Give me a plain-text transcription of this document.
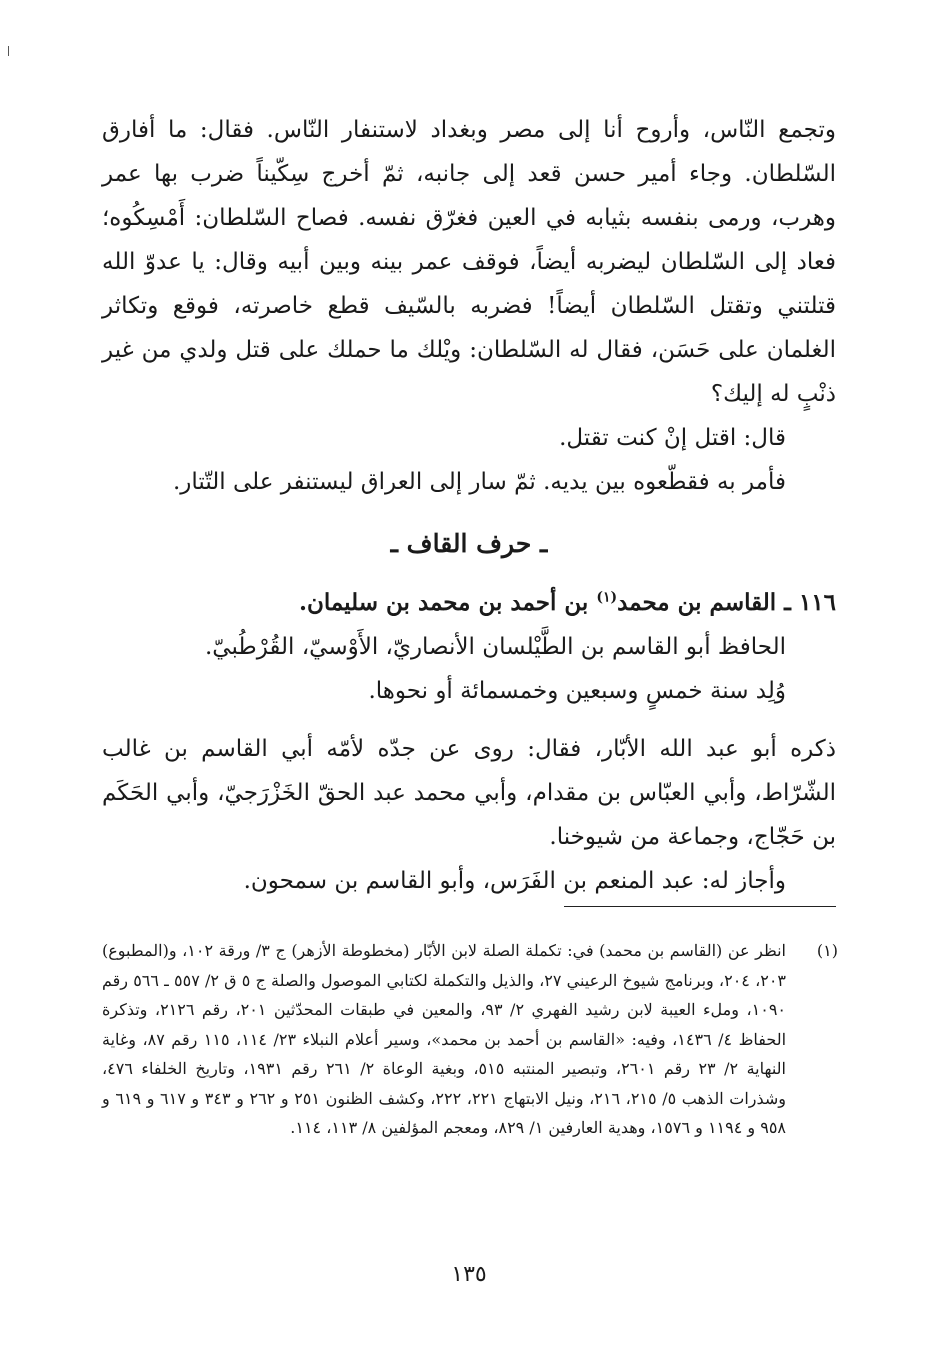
وتجمع النّاس، وأروح أنا إلى مصر وبغداد لاستنفار النّاس. فقال: ما أفارق السّلطان. وجاء أمير حسن قعد إلى جانبه، ثمّ أخرج سِكّيناً ضرب بها عمر وهرب، ورمى بنفسه بثيابه في العين فغرّق نفسه. فصاح السّلطان: أَمْسِكُوه؛ فعاد إلى السّلطان ليضربه أيضاً، فوقف عمر بينه وبين أبيه وقال: يا عدوّ الله قتلتني وتقتل السّلطان أيضاً! فضربه بالسّيف قطع خاصرته، فوقع وتكاثر الغلمان على حَسَن، فقال له السّلطان: ويْلك ما حملك على قتل ولدي من غير ذنْبٍ له إليك؟

قال: اقتل إنْ كنت تقتل.

فأمر به فقطّعوه بين يديه. ثمّ سار إلى العراق ليستنفر على التّتار.

ـ حرف القاف ـ

١١٦ ـ القاسم بن محمد$^{(١)}$ بن أحمد بن محمد بن سليمان.

الحافظ أبو القاسم بن الطَّيْلسان الأنصاريّ، الأَوْسيّ، القُرْطُبيّ.

وُلِد سنة خمسٍ وسبعين وخمسمائة أو نحوها.

ذكره أبو عبد الله الأبّار، فقال: روى عن جدّه لأمّه أبي القاسم بن غالب الشّرّاط، وأبي العبّاس بن مقدام، وأبي محمد عبد الحقّ الخَزْرَجيّ، وأبي الحَكَم بن حَجّاج، وجماعة من شيوخنا.

وأجاز له: عبد المنعم بن الفَرَس، وأبو القاسم بن سمحون.

(١)

انظر عن (القاسم بن محمد) في: تكملة الصلة لابن الأبّار (مخطوطة الأزهر) ج ٣/ ورقة ١٠٢، و(المطبوع) ٢٠٣، ٢٠٤، وبرنامج شيوخ الرعيني ٢٧، والذيل والتكملة لكتابي الموصول والصلة ج ٥ ق ٢/ ٥٥٧ ـ ٥٦٦ رقم ١٠٩٠، وملء العيبة لابن رشيد الفهري ٢/ ٩٣، والمعين في طبقات المحدّثين ٢٠١، رقم ٢١٢٦، وتذكرة الحفاظ ٤/ ١٤٣٦، وفيه: «القاسم بن أحمد بن محمد»، وسير أعلام النبلاء ٢٣/ ١١٤، ١١٥ رقم ٨٧، وغاية النهاية ٢/ ٢٣ رقم ٢٦٠١، وتبصير المنتبه ٥١٥، وبغية الوعاة ٢/ ٢٦١ رقم ١٩٣١، وتاريخ الخلفاء ٤٧٦، وشذرات الذهب ٥/ ٢١٥، ٢١٦، ونيل الابتهاج ٢٢١، ٢٢٢، وكشف الظنون ٢٥١ و ٢٦٢ و ٣٤٣ و ٦١٧ و ٦١٩ و ٩٥٨ و ١١٩٤ و ١٥٧٦، وهدية العارفين ١/ ٨٢٩، ومعجم المؤلفين ٨/ ١١٣، ١١٤.

١٣٥
